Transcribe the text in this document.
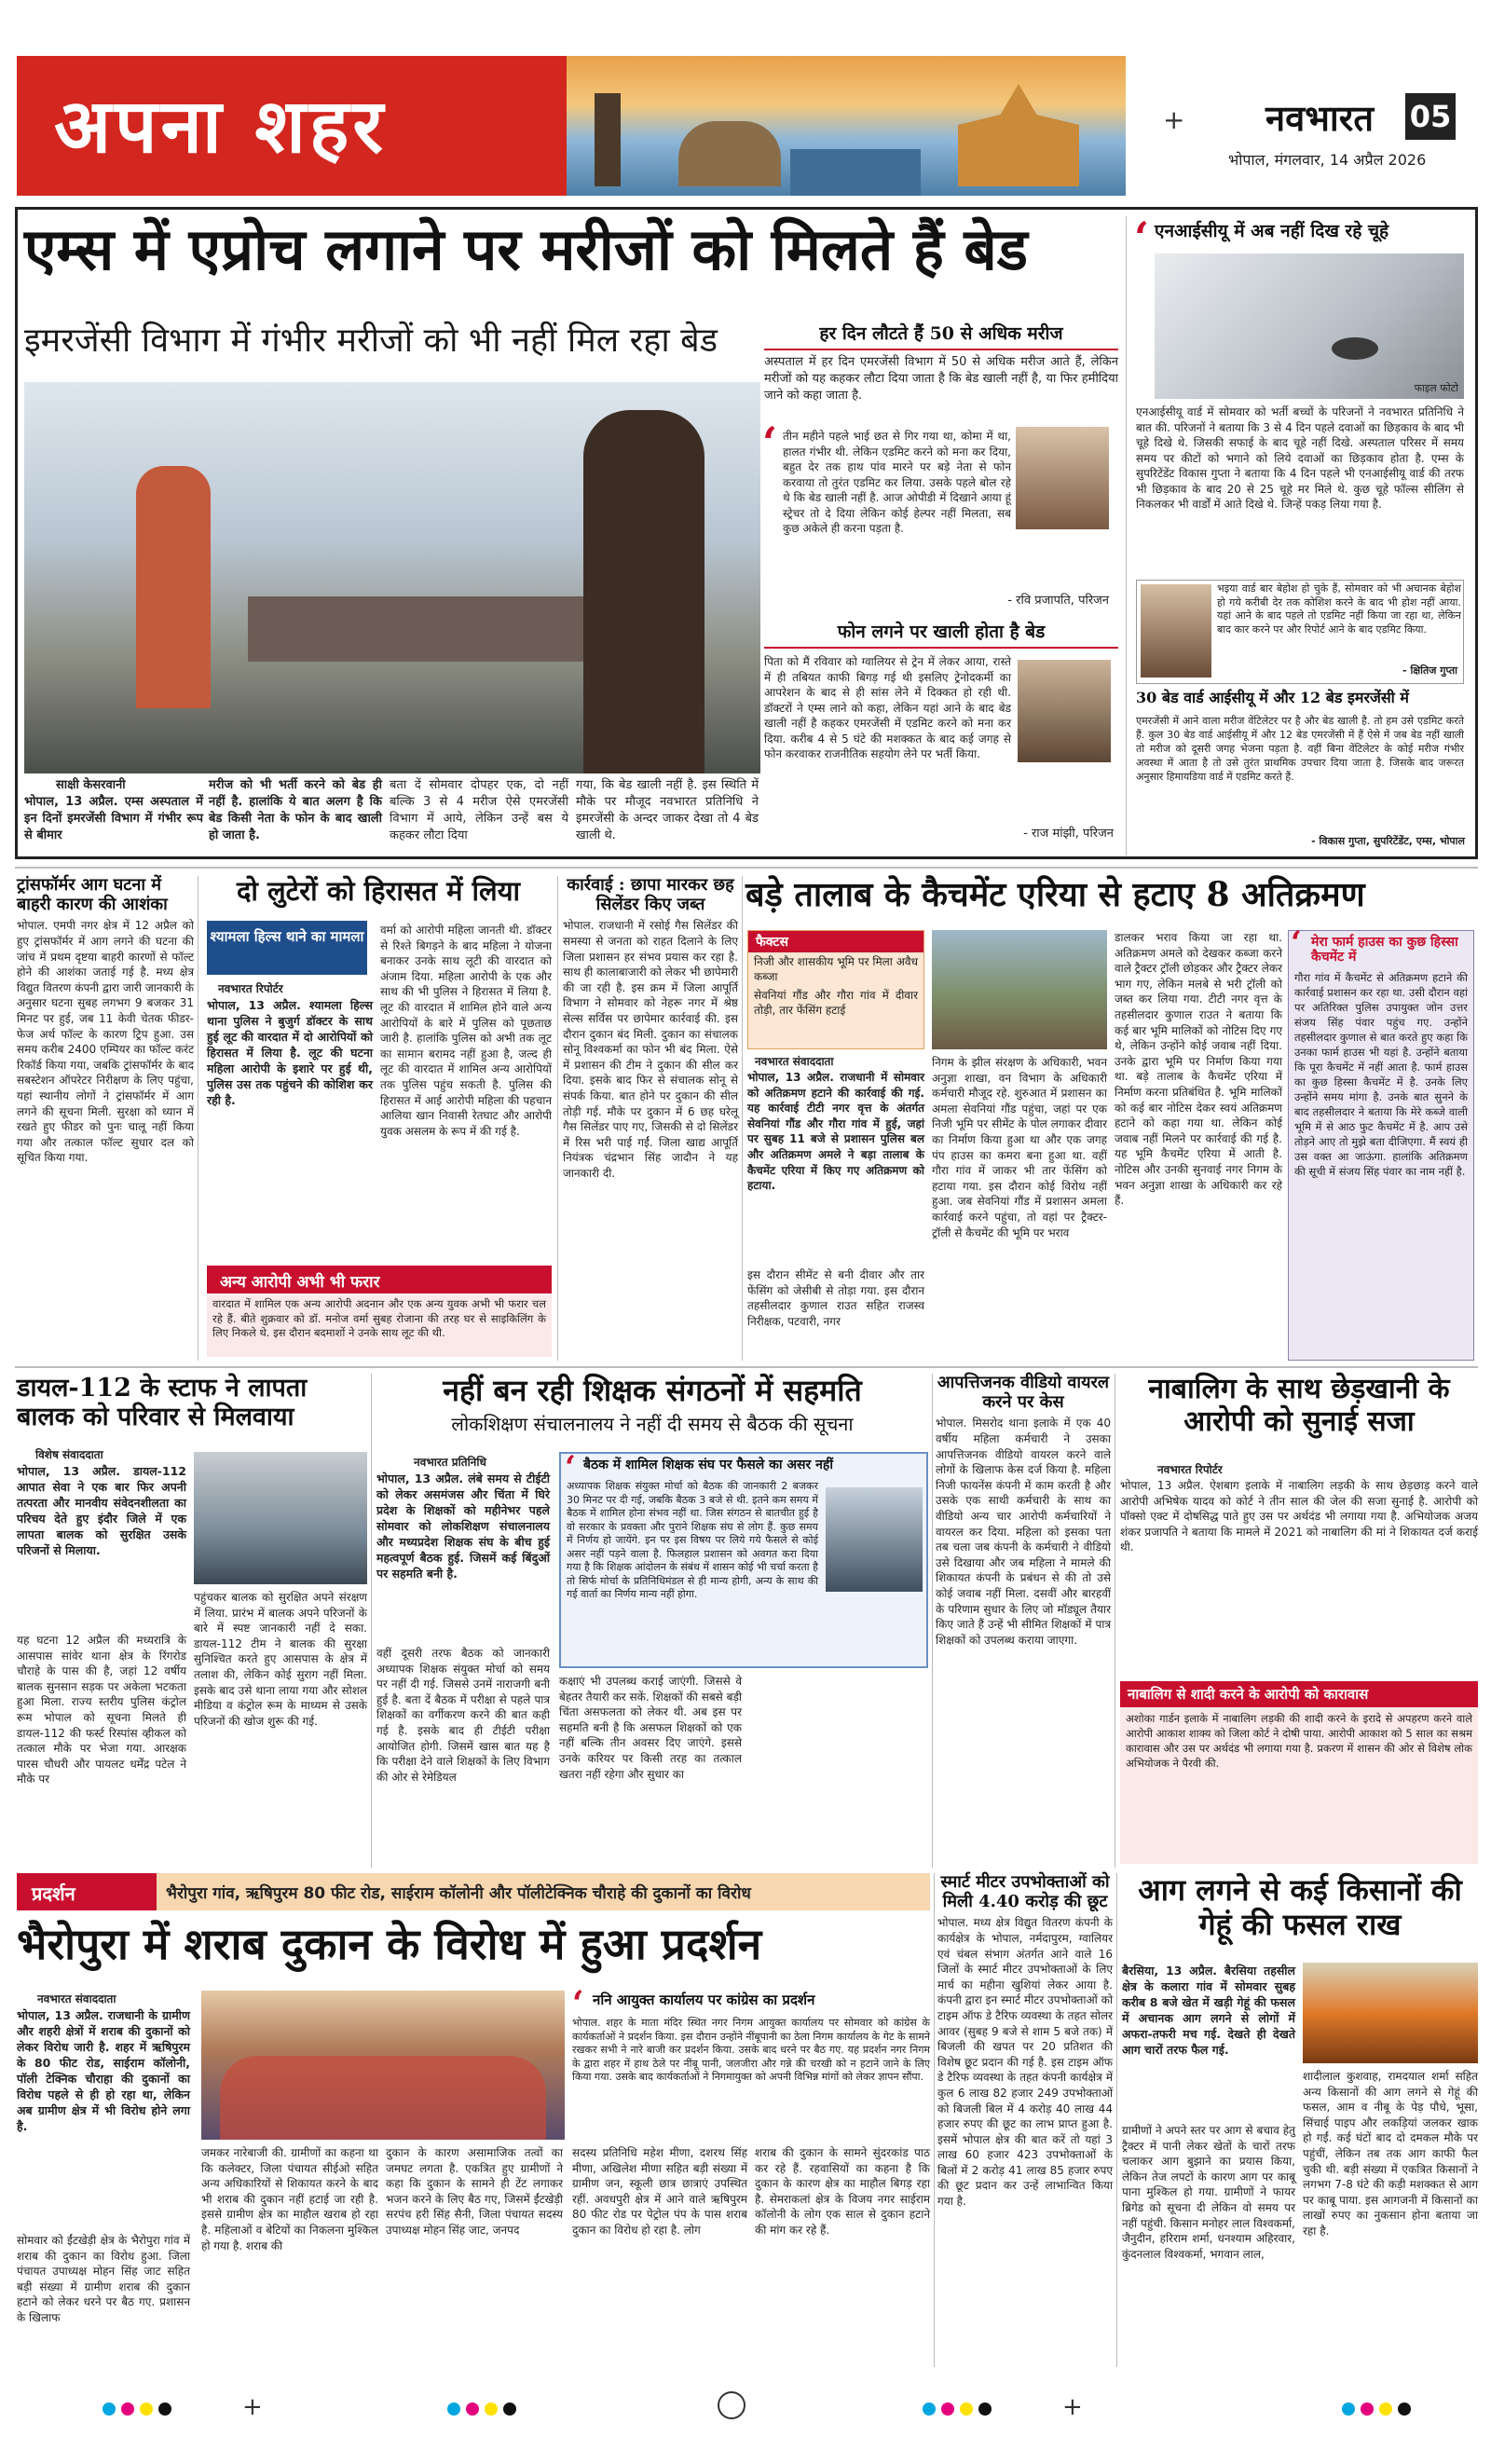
अपना शहर	+ नवभारत 05
भोपाल, मंगलवार, 14 अप्रैल 2026
एम्स में एप्रोच लगाने पर मरीजों को मिलते हैं बेड
इमरजेंसी विभाग में गंभीर मरीजों को भी नहीं मिल रहा बेड
साक्षी केसरवानी
भोपाल, 13 अप्रैल. एम्स अस्पताल में इन दिनों इमरजेंसी विभाग में गंभीर रूप से बीमार
मरीज को भी भर्ती करने को बेड ही नहीं है. हालांकि ये बात अलग है कि बेड किसी नेता के फोन के बाद खाली हो जाता है.
बता दें सोमवार दोपहर एक, दो नहीं बल्कि 3 से 4 मरीज ऐसे एमरजेंसी विभाग में आये, लेकिन उन्हें बस ये कहकर लौटा दिया
गया, कि बेड खाली नहीं है. इस स्थिति में मौके पर मौजूद नवभारत प्रतिनिधि ने इमरजेंसी के अन्दर जाकर देखा तो 4 बेड खाली थे.
हर दिन लौटते हैं 50 से अधिक मरीज
अस्पताल में हर दिन एमरजेंसी विभाग में 50 से अधिक मरीज आते हैं, लेकिन मरीजों को यह कहकर लौटा दिया जाता है कि बेड खाली नहीं है, या फिर हमीदिया जाने को कहा जाता है.
‘ तीन महीने पहले भाई छत से गिर गया था, कोमा में था, हालत गंभीर थी. लेकिन एडमिट करने को मना कर दिया, बहुत देर तक हाथ पांव मारने पर बड़े नेता से फोन करवाया तो तुरंत एडमिट कर लिया. उसके पहले बोल रहे थे कि बेड खाली नहीं है. आज ओपीडी में दिखाने आया हूं स्ट्रेचर तो दे दिया लेकिन कोई हेल्पर नहीं मिलता, सब कुछ अकेले ही करना पड़ता है.
- रवि प्रजापति, परिजन
फोन लगने पर खाली होता है बेड
पिता को मैं रविवार को ग्वालियर से ट्रेन में लेकर आया, रास्ते में ही तबियत काफी बिगड़ गई थी इसलिए ट्रेनोदकर्मी का आपरेशन के बाद से ही सांस लेने में दिक्कत हो रही थी. डॉक्टरों ने एम्स लाने को कहा, लेकिन यहां आने के बाद बेड खाली नहीं है कहकर एमरजेंसी में एडमिट करने को मना कर दिया. करीब 4 से 5 घंटे की मशक्कत के बाद कई जगह से फोन करवाकर राजनीतिक सहयोग लेने पर भर्ती किया.
- राज मांझी, परिजन
‘ एनआईसीयू में अब नहीं दिख रहे चूहे
फाइल फोटो
एनआईसीयू वार्ड में सोमवार को भर्ती बच्चों के परिजनों ने नवभारत प्रतिनिधि ने बात की. परिजनों ने बताया कि 3 से 4 दिन पहले दवाओं का छिड़काव के बाद भी चूहे दिखे थे. जिसकी सफाई के बाद चूहे नहीं दिखे. अस्पताल परिसर में समय समय पर कीटों को भगाने को लिये दवाओं का छिड़काव होता है. एम्स के सुपरिटेंडेंट विकास गुप्ता ने बताया कि 4 दिन पहले भी एनआईसीयू वार्ड की तरफ भी छिड़काव के बाद 20 से 25 चूहे मर मिले थे. कुछ चूहे फॉल्स सीलिंग से निकलकर भी वार्डों में आते दिखे थे. जिन्हें पकड़ लिया गया है.
भइया वार्ड बार बेहोश हो चुके हैं, सोमवार को भी अचानक बेहोश हो गये करीबी देर तक कोशिश करने के बाद भी होश नहीं आया. यहां आने के बाद पहले तो एडमिट नहीं किया जा रहा था, लेकिन बाद कार करने पर और रिपोर्ट आने के बाद एडमिट किया.
- क्षितिज गुप्ता
30 बेड वार्ड आईसीयू में और 12 बेड इमरजेंसी में
एमरजेंसी में आने वाला मरीज वेंटिलेटर पर है और बेड खाली है. तो हम उसे एडमिट करते हैं. कुल 30 बेड वार्ड आईसीयू में और 12 बेड एमरजेंसी में हैं ऐसे में जब बेड नहीं खाली तो मरीज को दूसरी जगह भेजना पड़ता है. वहीं बिना वेंटिलेटर के कोई मरीज गंभीर अवस्था में आता है तो उसे तुरंत प्राथमिक उपचार दिया जाता है. जिसके बाद जरूरत अनुसार हिमायडिया वार्ड में एडमिट करते हैं.
- विकास गुप्ता, सुपरिटेंडेंट, एम्स, भोपाल
ट्रांसफॉर्मर आग घटना में बाहरी कारण की आशंका
भोपाल. एमपी नगर क्षेत्र में 12 अप्रैल को हुए ट्रांसफॉर्मर में आग लगने की घटना की जांच में प्रथम दृष्टया बाहरी कारणों से फॉल्ट होने की आशंका जताई गई है. मध्य क्षेत्र विद्युत वितरण कंपनी द्वारा जारी जानकारी के अनुसार घटना सुबह लगभग 9 बजकर 31 मिनट पर हुई, जब 11 केवी चेतक फीडर-फेज अर्थ फॉल्ट के कारण ट्रिप हुआ. उस समय करीब 2400 एम्पियर का फॉल्ट करंट रिकॉर्ड किया गया, जबकि ट्रांसफॉर्मर के बाद सबस्टेशन ऑपरेटर निरीक्षण के लिए पहुंचा, यहां स्थानीय लोगों ने ट्रांसफॉर्मर में आग लगने की सूचना मिली. सुरक्षा को ध्यान में रखते हुए फीडर को पुनः चालू नहीं किया गया और तत्काल फॉल्ट सुधार दल को सूचित किया गया.
दो लुटेरों को हिरासत में लिया
श्यामला हिल्स थाने का मामला
नवभारत रिपोर्टर
भोपाल, 13 अप्रैल. श्यामला हिल्स थाना पुलिस ने बुजुर्ग डॉक्टर के साथ हुई लूट की वारदात में दो आरोपियों को हिरासत में लिया है. लूट की घटना महिला आरोपी के इशारे पर हुई थी, पुलिस उस तक पहुंचने की कोशिश कर रही है.
वर्मा को आरोपी महिला जानती थी. डॉक्टर से रिश्ते बिगड़ने के बाद महिला ने योजना बनाकर उनके साथ लूटी की वारदात को अंजाम दिया. महिला आरोपी के एक और साथ की भी पुलिस ने हिरासत में लिया है. लूट की वारदात में शामिल होने वाले अन्य आरोपियों के बारे में पुलिस को पूछताछ जारी है. हालांकि पुलिस को अभी तक लूट का सामान बरामद नहीं हुआ है, जल्द ही लूट की वारदात में शामिल अन्य आरोपियों तक पुलिस पहुंच सकती है. पुलिस की हिरासत में आई आरोपी महिला की पहचान आलिया खान निवासी रेतघाट और आरोपी युवक असलम के रूप में की गई है.
अन्य आरोपी अभी भी फरार
वारदात में शामिल एक अन्य आरोपी अदनान और एक अन्य युवक अभी भी फरार चल रहे हैं. बीते शुक्रवार को डॉ. मनोज वर्मा सुबह रोजाना की तरह घर से साइकिलिंग के लिए निकले थे. इस दौरान बदमाशों ने उनके साथ लूट की थी.
कार्रवाई : छापा मारकर छह सिलेंडर किए जब्त
भोपाल. राजधानी में रसोई गैस सिलेंडर की समस्या से जनता को राहत दिलाने के लिए जिला प्रशासन हर संभव प्रयास कर रहा है. साथ ही कालाबाजारी को लेकर भी छापेमारी की जा रही है. इस क्रम में जिला आपूर्ति विभाग ने सोमवार को नेहरू नगर में श्रेष्ठ सेल्स सर्विस पर छापेमार कार्रवाई की. इस दौरान दुकान बंद मिली. दुकान का संचालक सोनू विश्वकर्मा का फोन भी बंद मिला. ऐसे में प्रशासन की टीम ने दुकान की सील कर दिया. इसके बाद फिर से संचालक सोनू से संपर्क किया. बात होने पर दुकान की सील तोड़ी गई. मौके पर दुकान में 6 छह घरेलू गैस सिलेंडर पाए गए, जिसकी से दो सिलेंडर में रिस भरी पाई गईं. जिला खाद्य आपूर्ति नियंत्रक चंद्रभान सिंह जादौन ने यह जानकारी दी.
बड़े तालाब के कैचमेंट एरिया से हटाए 8 अतिक्रमण
फैक्टस
निजी और शासकीय भूमि पर मिला अवैध कब्जा
सेवनियां गौंड और गौरा गांव में दीवार तोड़ी, तार फेंसिंग हटाई
नवभारत संवाददाता
भोपाल, 13 अप्रैल. राजधानी में सोमवार को अतिक्रमण हटाने की कार्रवाई की गई. यह कार्रवाई टीटी नगर वृत्त के अंतर्गत सेवनियां गौंड और गौरा गांव में हुई, जहां पर सुबह 11 बजे से प्रशासन पुलिस बल और अतिक्रमण अमले ने बड़ा तालाब के कैचमेंट एरिया में किए गए अतिक्रमण को हटाया.
इस दौरान सीमेंट से बनी दीवार और तार फेंसिंग को जेसीबी से तोड़ा गया. इस दौरान तहसीलदार कुणाल राउत सहित राजस्व निरीक्षक, पटवारी, नगर
निगम के झील संरक्षण के अधिकारी, भवन अनुज्ञा शाखा, वन विभाग के अधिकारी कर्मचारी मौजूद रहे. शुरुआत में प्रशासन का अमला सेवनियां गौंड पहुंचा, जहां पर एक निजी भूमि पर सीमेंट के पोल लगाकर दीवार का निर्माण किया हुआ था और एक जगह पंप हाउस का कमरा बना हुआ था. वहीं गौरा गांव में जाकर भी तार फेंसिंग को हटाया गया. इस दौरान कोई विरोध नहीं हुआ. जब सेवनियां गौंड में प्रशासन अमला कार्रवाई करने पहुंचा, तो वहां पर ट्रैक्टर-ट्रॉली से कैचमेंट की भूमि पर भराव
डालकर भराव किया जा रहा था. अतिक्रमण अमले को देखकर कब्जा करने वाले ट्रैक्टर ट्रॉली छोड़कर और ट्रैक्टर लेकर भाग गए, लेकिन मलबे से भरी ट्रॉली को जब्त कर लिया गया. टीटी नगर वृत्त के तहसीलदार कुणाल राउत ने बताया कि कई बार भूमि मालिकों को नोटिस दिए गए थे, लेकिन उन्होंने कोई जवाब नहीं दिया. उनके द्वारा भूमि पर निर्माण किया गया था. बड़े तालाब के कैचमेंट एरिया में निर्माण करना प्रतिबंधित है. भूमि मालिकों को कई बार नोटिस देकर स्वयं अतिक्रमण हटाने को कहा गया था. लेकिन कोई जवाब नहीं मिलने पर कार्रवाई की गई है. यह भूमि कैचमेंट एरिया में आती है. नोटिस और उनकी सुनवाई नगर निगम के भवन अनुज्ञा शाखा के अधिकारी कर रहे हैं.
‘ मेरा फार्म हाउस का कुछ हिस्सा कैचमेंट में
गौरा गांव में कैचमेंट से अतिक्रमण हटाने की कार्रवाई प्रशासन कर रहा था. उसी दौरान वहां पर अतिरिक्त पुलिस उपायुक्त जोन उत्तर संजय सिंह पंवार पहुंच गए. उन्होंने तहसीलदार कुणाल से बात करते हुए कहा कि उनका फार्म हाउस भी यहां है. उन्होंने बताया कि पूरा कैचमेंट में नहीं आता है. फार्म हाउस का कुछ हिस्सा कैचमेंट में है. उनके लिए उन्होंने समय मांगा है. उनके बात सुनने के बाद तहसीलदार ने बताया कि मेरे कब्जे वाली भूमि में से आठ फुट कैचमेंट में है. आप उसे तोड़ने आए तो मुझे बता दीजिएगा. मैं स्वयं ही उस वक्त आ जाऊंगा. हालांकि अतिक्रमण की सूची में संजय सिंह पंवार का नाम नहीं है.
डायल-112 के स्टाफ ने लापता बालक को परिवार से मिलवाया
विशेष संवाददाता
भोपाल, 13 अप्रैल. डायल-112 आपात सेवा ने एक बार फिर अपनी तत्परता और मानवीय संवेदनशीलता का परिचय देते हुए इंदौर जिले में एक लापता बालक को सुरक्षित उसके परिजनों से मिलाया.
यह घटना 12 अप्रैल की मध्यरात्रि के आसपास सांवेर थाना क्षेत्र के रिंगरोड चौराहे के पास की है, जहां 12 वर्षीय बालक सुनसान सड़क पर अकेला भटकता हुआ मिला. राज्य स्तरीय पुलिस कंट्रोल रूम भोपाल को सूचना मिलते ही डायल-112 की फर्स्ट रिस्पांस व्हीकल को तत्काल मौके पर भेजा गया. आरक्षक पारस चौधरी और पायलट धर्मेंद्र पटेल ने मौके पर
पहुंचकर बालक को सुरक्षित अपने संरक्षण में लिया. प्रारंभ में बालक अपने परिजनों के बारे में स्पष्ट जानकारी नहीं दे सका. डायल-112 टीम ने बालक की सुरक्षा सुनिश्चित करते हुए आसपास के क्षेत्र में तलाश की, लेकिन कोई सुराग नहीं मिला. इसके बाद उसे थाना लाया गया और सोशल मीडिया व कंट्रोल रूम के माध्यम से उसके परिजनों की खोज शुरू की गई.
नहीं बन रही शिक्षक संगठनों में सहमति
लोकशिक्षण संचालनालय ने नहीं दी समय से बैठक की सूचना
नवभारत प्रतिनिधि
भोपाल, 13 अप्रैल. लंबे समय से टीईटी को लेकर असमंजस और चिंता में घिरे प्रदेश के शिक्षकों को महीनेभर पहले सोमवार को लोकशिक्षण संचालनालय और मध्यप्रदेश शिक्षक संघ के बीच हुई महत्वपूर्ण बैठक हुई. जिसमें कई बिंदुओं पर सहमति बनी है.
वहीं दूसरी तरफ बैठक को जानकारी अध्यापक शिक्षक संयुक्त मोर्चा को समय पर नहीं दी गई. जिससे उनमें नाराजगी बनी हुई है. बता दें बैठक में परीक्षा से पहले पात्र शिक्षकों का वर्गीकरण करने की बात कही गई है. इसके बाद ही टीईटी परीक्षा आयोजित होगी. जिसमें खास बात यह है कि परीक्षा देने वाले शिक्षकों के लिए विभाग की ओर से रेमेडियल
‘ बैठक में शामिल शिक्षक संघ पर फैसले का असर नहीं
अध्यापक शिक्षक संयुक्त मोर्चा को बैठक की जानकारी 2 बजकर 30 मिनट पर दी गई, जबकि बैठक 3 बजे से थी. इतने कम समय में बैठक में शामिल होना संभव नहीं था. जिस संगठन से बातचीत हुई है वो सरकार के प्रवक्ता और पुराने शिक्षक संघ से लोग हैं. कुछ समय में निर्णय हो जायेंगे. इन पर इस विषय पर लिये गये फैसले से कोई असर नहीं पड़ने वाला है. फिलहाल प्रशासन को अवगत करा दिया गया है कि शिक्षक आंदोलन के संबंध में शासन कोई भी चर्चा करता है तो सिर्फ मोर्चा के प्रतिनिधिमंडल से ही मान्य होगी, अन्य के साथ की गई वार्ता का निर्णय मान्य नहीं होगा.
कक्षाएं भी उपलब्ध कराई जाएंगी. जिससे वे बेहतर तैयारी कर सकें. शिक्षकों की सबसे बड़ी चिंता असफलता को लेकर थी. अब इस पर सहमति बनी है कि असफल शिक्षकों को एक नहीं बल्कि तीन अवसर दिए जाएंगे. इससे उनके करियर पर किसी तरह का तत्काल खतरा नहीं रहेगा और सुधार का
आपत्तिजनक वीडियो वायरल करने पर केस
भोपाल. मिसरोद थाना इलाके में एक 40 वर्षीय महिला कर्मचारी ने उसका आपत्तिजनक वीडियो वायरल करने वाले लोगों के खिलाफ केस दर्ज किया है. महिला निजी फायनेंस कंपनी में काम करती है और उसके एक साथी कर्मचारी के साथ का वीडियो अन्य चार आरोपी कर्मचारियों ने वायरल कर दिया. महिला को इसका पता तब चला जब कंपनी के कर्मचारी ने वीडियो उसे दिखाया और जब महिला ने मामले की शिकायत कंपनी के प्रबंधन से की तो उसे कोई जवाब नहीं मिला. दसवीं और बारहवीं के परिणाम सुधार के लिए जो मॉड्यूल तैयार किए जाते हैं उन्हें भी सीमित शिक्षकों में पात्र शिक्षकों को उपलब्ध कराया जाएगा.
नाबालिग के साथ छेड़खानी के आरोपी को सुनाई सजा
नवभारत रिपोर्टर
भोपाल, 13 अप्रैल. ऐशबाग इलाके में नाबालिग लड़की के साथ छेड़छाड़ करने वाले आरोपी अभिषेक यादव को कोर्ट ने तीन साल की जेल की सजा सुनाई है. आरोपी को पॉक्सो एक्ट में दोषसिद्ध पाते हुए उस पर अर्थदंड भी लगाया गया है. अभियोजक अजय शंकर प्रजापति ने बताया कि मामले में 2021 को नाबालिग की मां ने शिकायत दर्ज कराई थी.
नाबालिग से शादी करने के आरोपी को कारावास
अशोका गार्डन इलाके में नाबालिग लड़की की शादी करने के इरादे से अपहरण करने वाले आरोपी आकाश शाक्य को जिला कोर्ट ने दोषी पाया. आरोपी आकाश को 5 साल का सश्रम कारावास और उस पर अर्थदंड भी लगाया गया है. प्रकरण में शासन की ओर से विशेष लोक अभियोजक ने पैरवी की.
प्रदर्शन	भैरोपुरा गांव, ऋषिपुरम 80 फीट रोड, साईराम कॉलोनी और पॉलीटेक्निक चौराहे की दुकानों का विरोध
भैरोपुरा में शराब दुकान के विरोध में हुआ प्रदर्शन
नवभारत संवाददाता
भोपाल, 13 अप्रैल. राजधानी के ग्रामीण और शहरी क्षेत्रों में शराब की दुकानों को लेकर विरोध जारी है. शहर में ऋषिपुरम के 80 फीट रोड, साईराम कॉलोनी, पॉली टेक्निक चौराहा की दुकानों का विरोध पहले से ही हो रहा था, लेकिन अब ग्रामीण क्षेत्र में भी विरोध होने लगा है.
सोमवार को ईंटखेड़ी क्षेत्र के भैरोपुरा गांव में शराब की दुकान का विरोध हुआ. जिला पंचायत उपाध्यक्ष मोहन सिंह जाट सहित बड़ी संख्या में ग्रामीण शराब की दुकान हटाने को लेकर धरने पर बैठ गए. प्रशासन के खिलाफ
जमकर नारेबाजी की. ग्रामीणों का कहना था कि कलेक्टर, जिला पंचायत सीईओ सहित अन्य अधिकारियों से शिकायत करने के बाद भी शराब की दुकान नहीं हटाई जा रही है. इससे ग्रामीण क्षेत्र का माहौल खराब हो रहा है. महिलाओं व बेटियों का निकलना मुश्किल हो गया है. शराब की
दुकान के कारण असामाजिक तत्वों का जमघट लगता है. एकत्रित हुए ग्रामीणों ने कहा कि दुकान के सामने ही टेंट लगाकर भजन करने के लिए बैठ गए, जिसमें ईंटखेड़ी सरपंच हरी सिंह सैनी, जिला पंचायत सदस्य उपाध्यक्ष मोहन सिंह जाट, जनपद
‘ ननि आयुक्त कार्यालय पर कांग्रेस का प्रदर्शन
भोपाल. शहर के माता मंदिर स्थित नगर निगम आयुक्त कार्यालय पर सोमवार को कांग्रेस के कार्यकर्ताओं ने प्रदर्शन किया. इस दौरान उन्होंने नींबूपानी का ठेला निगम कार्यालय के गेट के सामने रखकर सभी ने नारे बाजी कर प्रदर्शन किया. उसके बाद धरने पर बैठ गए. यह प्रदर्शन नगर निगम के द्वारा शहर में हाथ ठेले पर नींबू पानी, जलजीरा और गन्ने की चरखी को न हटाने जाने के लिए किया गया. उसके बाद कार्यकर्ताओं ने निगमायुक्त को अपनी विभिन्न मांगों को लेकर ज्ञापन सौंपा.
सदस्य प्रतिनिधि महेश मीणा, दशरथ सिंह मीणा, अखिलेश मीणा सहित बड़ी संख्या में ग्रामीण जन, स्कूली छात्र छात्राएं उपस्थित रहीं. अवधपुरी क्षेत्र में आने वाले ऋषिपुरम 80 फीट रोड पर पेट्रोल पंप के पास शराब दुकान का विरोध हो रहा है. लोग
शराब की दुकान के सामने सुंदरकांड पाठ कर रहे हैं. रहवासियों का कहना है कि दुकान के कारण क्षेत्र का माहौल बिगड़ रहा है. सेमराकलां क्षेत्र के विजय नगर साईराम कॉलोनी के लोग एक साल से दुकान हटाने की मांग कर रहे हैं.
स्मार्ट मीटर उपभोक्ताओं को मिली 4.40 करोड़ की छूट
भोपाल. मध्य क्षेत्र विद्युत वितरण कंपनी के कार्यक्षेत्र के भोपाल, नर्मदापुरम, ग्वालियर एवं चंबल संभाग अंतर्गत आने वाले 16 जिलों के स्मार्ट मीटर उपभोक्ताओं के लिए मार्च का महीना खुशियां लेकर आया है. कंपनी द्वारा इन स्मार्ट मीटर उपभोक्ताओं को टाइम ऑफ डे टैरिफ व्यवस्था के तहत सोलर आवर (सुबह 9 बजे से शाम 5 बजे तक) में बिजली की खपत पर 20 प्रतिशत की विशेष छूट प्रदान की गई है. इस टाइम ऑफ डे टैरिफ व्यवस्था के तहत कंपनी कार्यक्षेत्र में कुल 6 लाख 82 हजार 249 उपभोक्ताओं को बिजली बिल में 4 करोड़ 40 लाख 44 हजार रुपए की छूट का लाभ प्राप्त हुआ है. इसमें भोपाल क्षेत्र की बात करें तो यहां 3 लाख 60 हजार 423 उपभोक्ताओं के बिलों में 2 करोड़ 41 लाख 85 हजार रुपए की छूट प्रदान कर उन्हें लाभान्वित किया गया है.
आग लगने से कई किसानों की गेहूं की फसल राख
बैरसिया, 13 अप्रैल. बैरसिया तहसील क्षेत्र के कलारा गांव में सोमवार सुबह करीब 8 बजे खेत में खड़ी गेहूं की फसल में अचानक आग लगने से लोगों में अफरा-तफरी मच गई. देखते ही देखते आग चारों तरफ फैल गई.
ग्रामीणों ने अपने स्तर पर आग से बचाव हेतु ट्रैक्टर में पानी लेकर खेतों के चारों तरफ चलाकर आग बुझाने का प्रयास किया, लेकिन तेज लपटों के कारण आग पर काबू पाना मुश्किल हो गया. ग्रामीणों ने फायर ब्रिगेड को सूचना दी लेकिन वो समय पर नहीं पहुंची. किसान मनोहर लाल विश्वकर्मा, जैनुदीन, हरिराम शर्मा, धनश्याम अहिरवार, कुंदनलाल विश्वकर्मा, भगवान लाल,
शादीलाल कुशवाह, रामदयाल शर्मा सहित अन्य किसानों की आग लगने से गेहूं की फसल, आम व नीबू के पेड़ पौधे, भूसा, सिंचाई पाइप और लकड़ियां जलकर खाक हो गईं. कई घंटों बाद दो दमकल मौके पर पहुंचीं, लेकिन तब तक आग काफी फैल चुकी थी. बड़ी संख्या में एकत्रित किसानों ने लगभग 7-8 घंटे की कड़ी मशक्कत से आग पर काबू पाया. इस आगजनी में किसानों का लाखों रुपए का नुकसान होना बताया जा रहा है.
+	+
